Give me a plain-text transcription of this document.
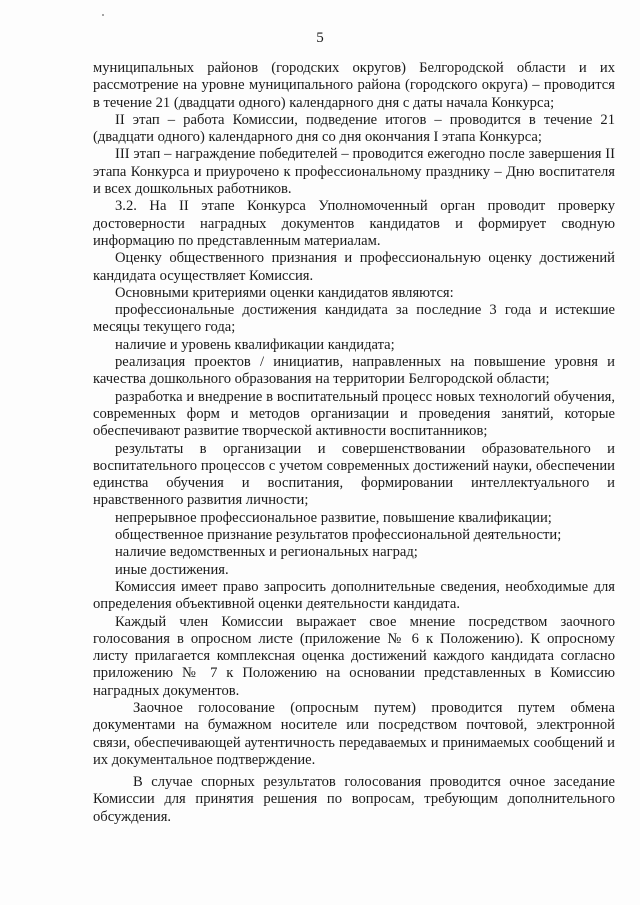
5

муниципальных районов (городских округов) Белгородской области и их рассмотрение на уровне муниципального района (городского округа) – проводится в течение 21 (двадцати одного) календарного дня с даты начала Конкурса;

II этап – работа Комиссии, подведение итогов – проводится в течение 21 (двадцати одного) календарного дня со дня окончания I этапа Конкурса;

III этап – награждение победителей – проводится ежегодно после завершения II этапа Конкурса и приурочено к профессиональному празднику – Дню воспитателя и всех дошкольных работников.

3.2. На II этапе Конкурса Уполномоченный орган проводит проверку достоверности наградных документов кандидатов и формирует сводную информацию по представленным материалам.

Оценку общественного признания и профессиональную оценку достижений кандидата осуществляет Комиссия.

Основными критериями оценки кандидатов являются:

профессиональные достижения кандидата за последние 3 года и истекшие месяцы текущего года;

наличие и уровень квалификации кандидата;

реализация проектов / инициатив, направленных на повышение уровня и качества дошкольного образования на территории Белгородской области;

разработка и внедрение в воспитательный процесс новых технологий обучения, современных форм и методов организации и проведения занятий, которые обеспечивают развитие творческой активности воспитанников;

результаты в организации и совершенствовании образовательного и воспитательного процессов с учетом современных достижений науки, обеспечении единства обучения и воспитания, формировании интеллектуального и нравственного развития личности;

непрерывное профессиональное развитие, повышение квалификации;

общественное признание результатов профессиональной деятельности;

наличие ведомственных и региональных наград;

иные достижения.

Комиссия имеет право запросить дополнительные сведения, необходимые для определения объективной оценки деятельности кандидата.

Каждый член Комиссии выражает свое мнение посредством заочного голосования в опросном листе (приложение № 6 к Положению). К опросному листу прилагается комплексная оценка достижений каждого кандидата согласно приложению № 7 к Положению на основании представленных в Комиссию наградных документов.

Заочное голосование (опросным путем) проводится путем обмена документами на бумажном носителе или посредством почтовой, электронной связи, обеспечивающей аутентичность передаваемых и принимаемых сообщений и их документальное подтверждение.

В случае спорных результатов голосования проводится очное заседание Комиссии для принятия решения по вопросам, требующим дополнительного обсуждения.
